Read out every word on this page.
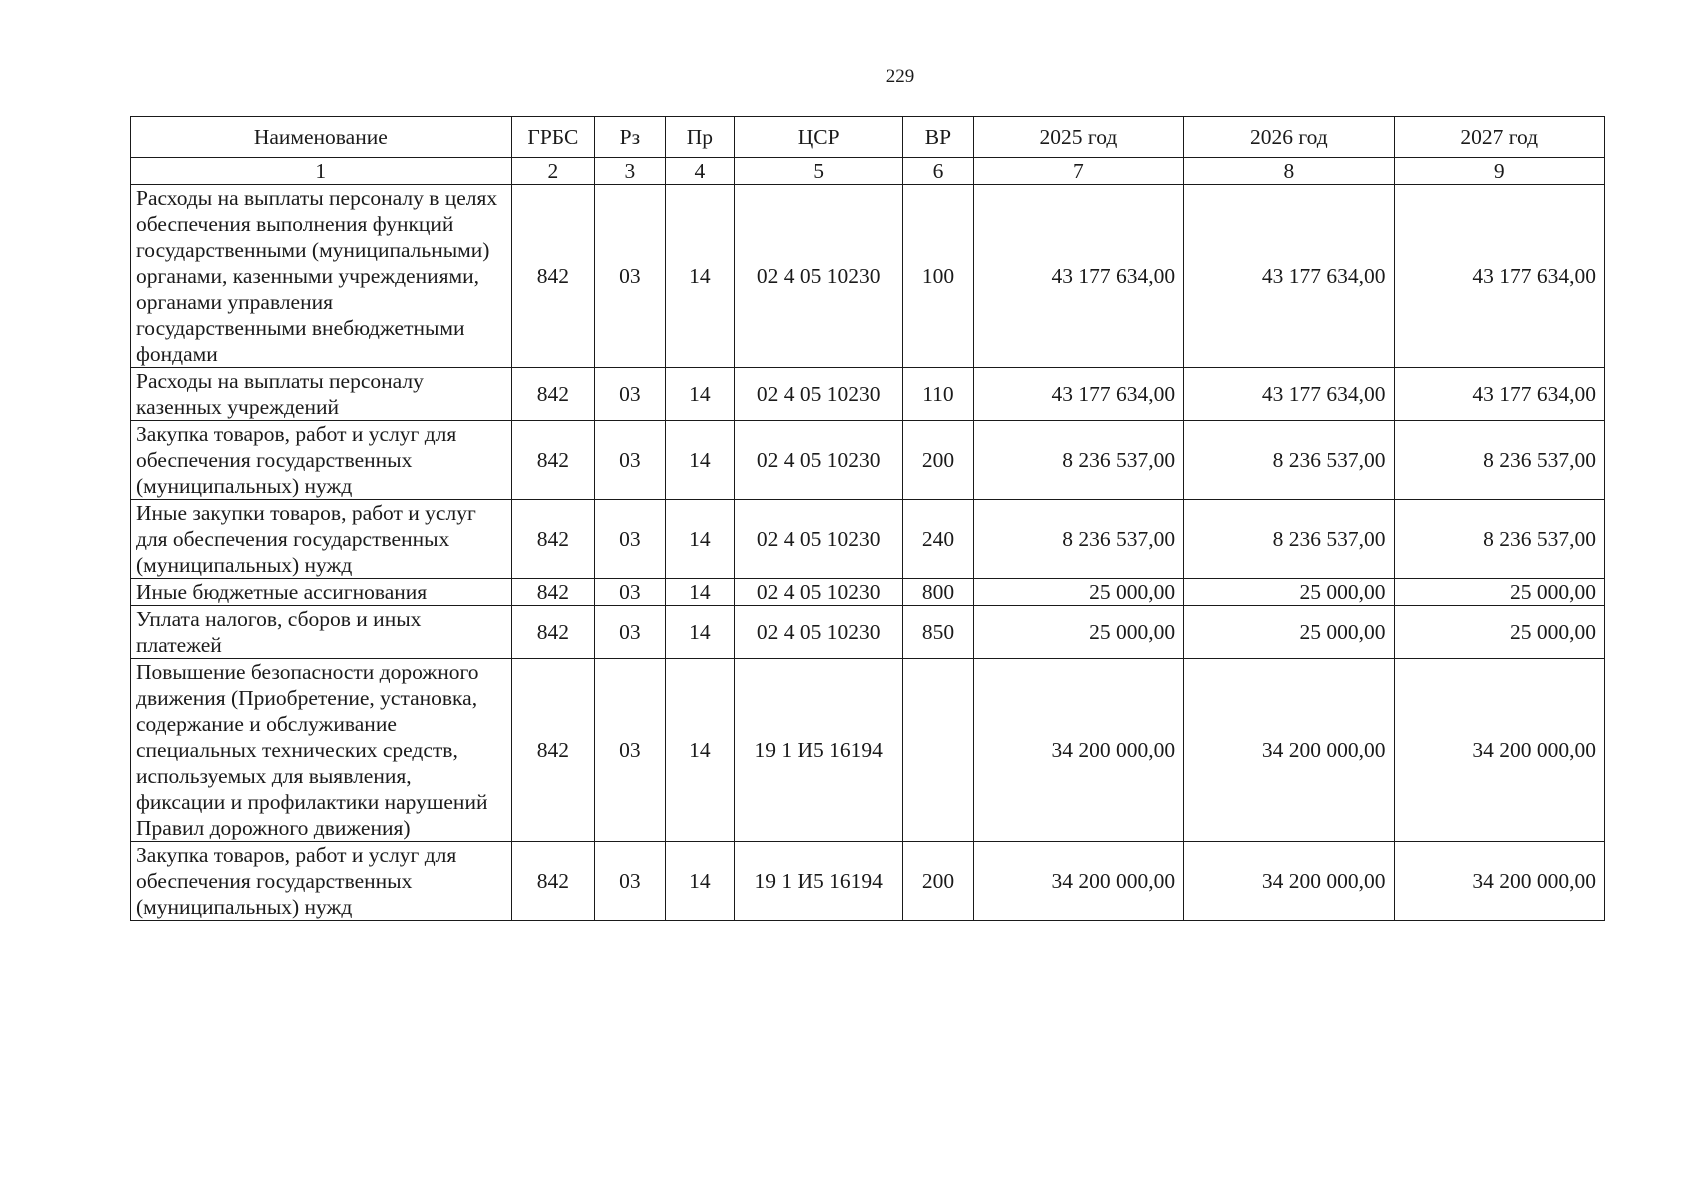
229
Наименование	ГРБС	Рз	Пр	ЦСР	ВР	2025 год	2026 год	2027 год
1	2	3	4	5	6	7	8	9
Расходы на выплаты персоналу в целях обеспечения выполнения функций государственными (муниципальными) органами, казенными учреждениями, органами управления государственными внебюджетными фондами	842	03	14	02 4 05 10230	100	43 177 634,00	43 177 634,00	43 177 634,00
Расходы на выплаты персоналу казенных учреждений	842	03	14	02 4 05 10230	110	43 177 634,00	43 177 634,00	43 177 634,00
Закупка товаров, работ и услуг для обеспечения государственных (муниципальных) нужд	842	03	14	02 4 05 10230	200	8 236 537,00	8 236 537,00	8 236 537,00
Иные закупки товаров, работ и услуг для обеспечения государственных (муниципальных) нужд	842	03	14	02 4 05 10230	240	8 236 537,00	8 236 537,00	8 236 537,00
Иные бюджетные ассигнования	842	03	14	02 4 05 10230	800	25 000,00	25 000,00	25 000,00
Уплата налогов, сборов и иных платежей	842	03	14	02 4 05 10230	850	25 000,00	25 000,00	25 000,00
Повышение безопасности дорожного движения (Приобретение, установка, содержание и обслуживание специальных технических средств, используемых для выявления, фиксации и профилактики нарушений Правил дорожного движения)	842	03	14	19 1 И5 16194		34 200 000,00	34 200 000,00	34 200 000,00
Закупка товаров, работ и услуг для обеспечения государственных (муниципальных) нужд	842	03	14	19 1 И5 16194	200	34 200 000,00	34 200 000,00	34 200 000,00
